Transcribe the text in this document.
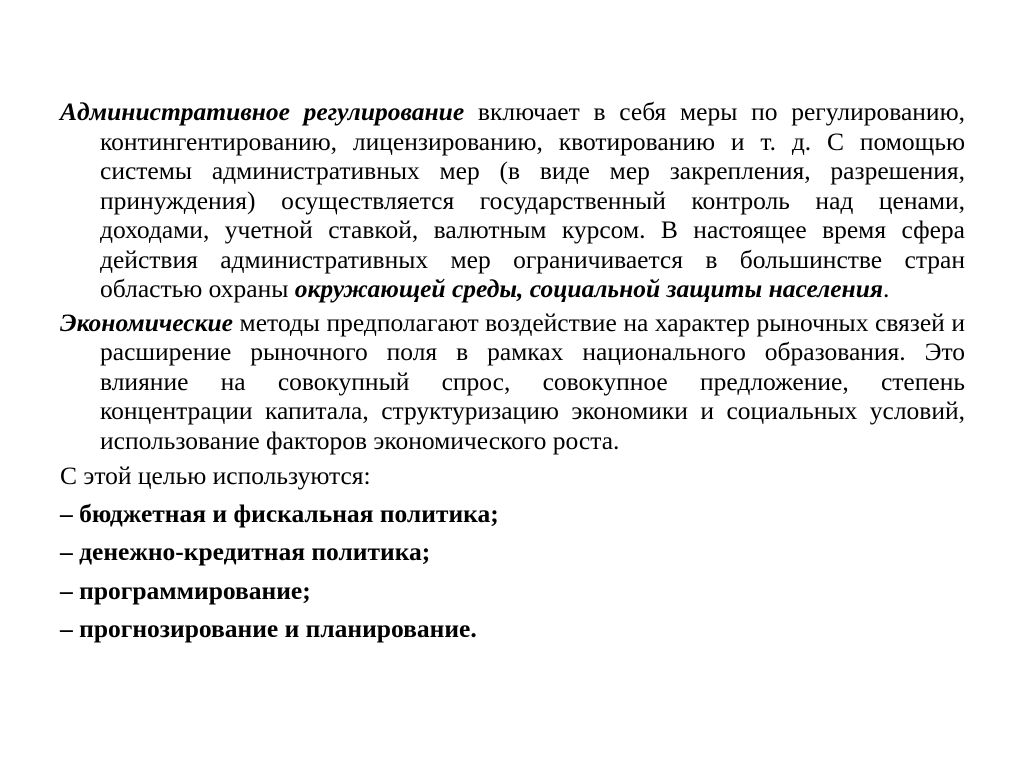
Административное регулирование включает в себя меры по регулированию, контингентированию, лицензированию, квотированию и т. д. С помощью системы административных мер (в виде мер закрепления, разрешения, принуждения) осуществляется государственный контроль над ценами, доходами, учетной ставкой, валютным курсом. В настоящее время сфера действия административных мер ограничивается в большинстве стран областью охраны окружающей среды, социальной защиты населения.

Экономические методы предполагают воздействие на характер рыночных связей и расширение рыночного поля в рамках национального образования. Это влияние на совокупный спрос, совокупное предложение, степень концентрации капитала, структуризацию экономики и социальных условий, использование факторов экономического роста.

С этой целью используются:

– бюджетная и фискальная политика;

– денежно-кредитная политика;

– программирование;

– прогнозирование и планирование.
